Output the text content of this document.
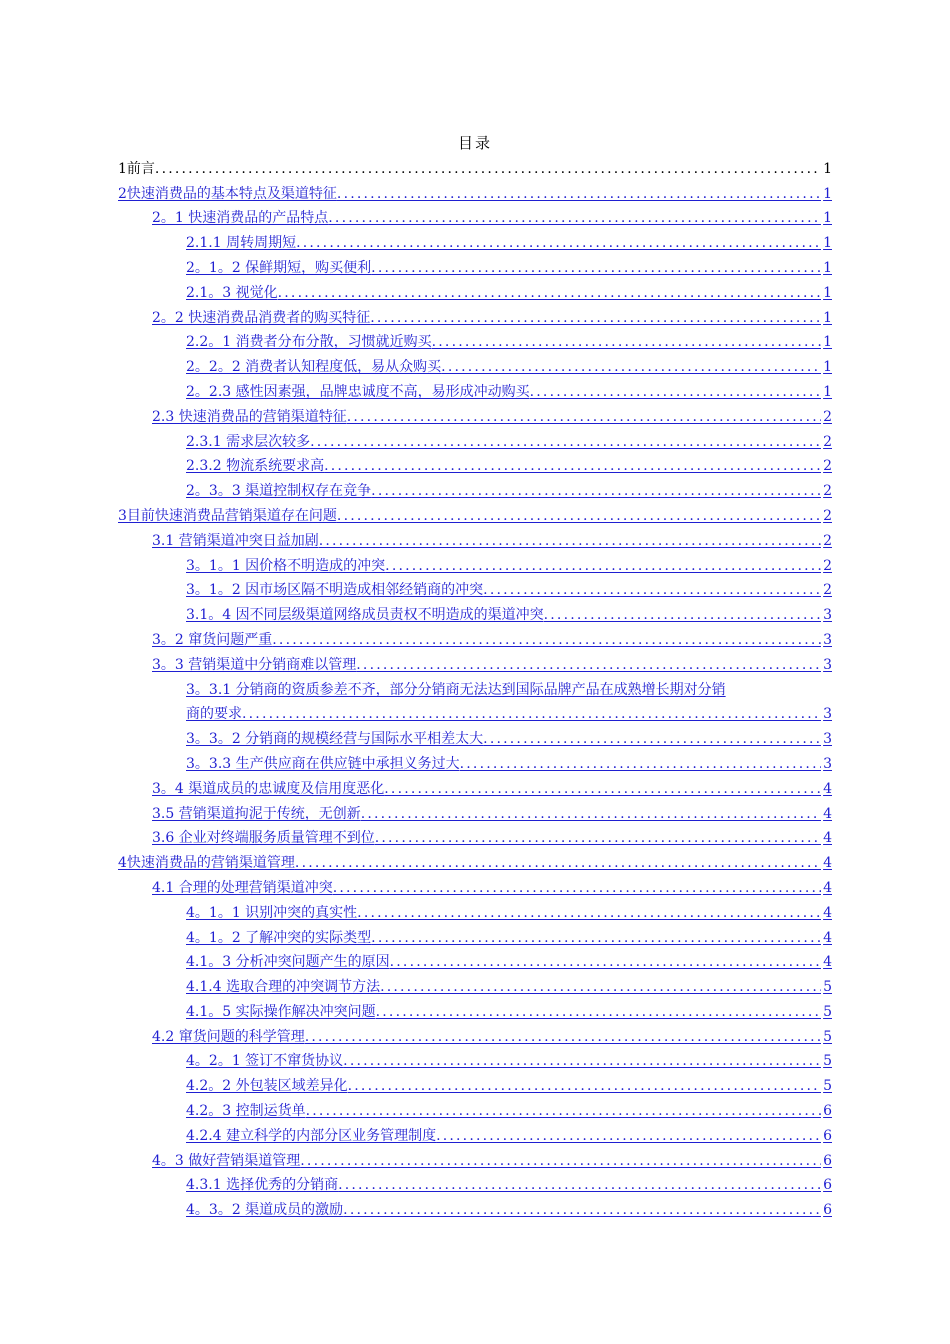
目录
1前言 .....	1
2快速消费品的基本特点及渠道特征 .....	1
2。1 快速消费品的产品特点 .....	1
2.1.1 周转周期短 .....	1
2。1。2 保鲜期短，购买便利 .....	1
2.1。3 视觉化 .....	1
2。2 快速消费品消费者的购买特征 .....	1
2.2。1 消费者分布分散，习惯就近购买 .....	1
2。2。2 消费者认知程度低，易从众购买 .....	1
2。2.3 感性因素强，品牌忠诚度不高，易形成冲动购买 .....	1
2.3 快速消费品的营销渠道特征 .....	2
2.3.1 需求层次较多 .....	2
2.3.2 物流系统要求高 .....	2
2。3。3 渠道控制权存在竞争 .....	2
3目前快速消费品营销渠道存在问题 .....	2
3.1 营销渠道冲突日益加剧 .....	2
3。1。1 因价格不明造成的冲突 .....	2
3。1。2 因市场区隔不明造成相邻经销商的冲突 .....	2
3.1。4 因不同层级渠道网络成员责权不明造成的渠道冲突 .....	3
3。2 窜货问题严重 .....	3
3。3 营销渠道中分销商难以管理 .....	3
3。3.1 分销商的资质参差不齐，部分分销商无法达到国际品牌产品在成熟增长期对分销
商的要求 .....	3
3。3。2 分销商的规模经营与国际水平相差太大 .....	3
3。3.3 生产供应商在供应链中承担义务过大 .....	3
3。4 渠道成员的忠诚度及信用度恶化 .....	4
3.5 营销渠道拘泥于传统，无创新 .....	4
3.6 企业对终端服务质量管理不到位 .....	4
4快速消费品的营销渠道管理 .....	4
4.1 合理的处理营销渠道冲突 .....	4
4。1。1 识别冲突的真实性 .....	4
4。1。2 了解冲突的实际类型 .....	4
4.1。3 分析冲突问题产生的原因 .....	4
4.1.4 选取合理的冲突调节方法 .....	5
4.1。5 实际操作解决冲突问题 .....	5
4.2 窜货问题的科学管理 .....	5
4。2。1 签订不窜货协议 .....	5
4.2。2 外包装区域差异化 .....	5
4.2。3 控制运货单 .....	6
4.2.4 建立科学的内部分区业务管理制度 .....	6
4。3 做好营销渠道管理 .....	6
4.3.1 选择优秀的分销商 .....	6
4。3。2 渠道成员的激励 .....	6
